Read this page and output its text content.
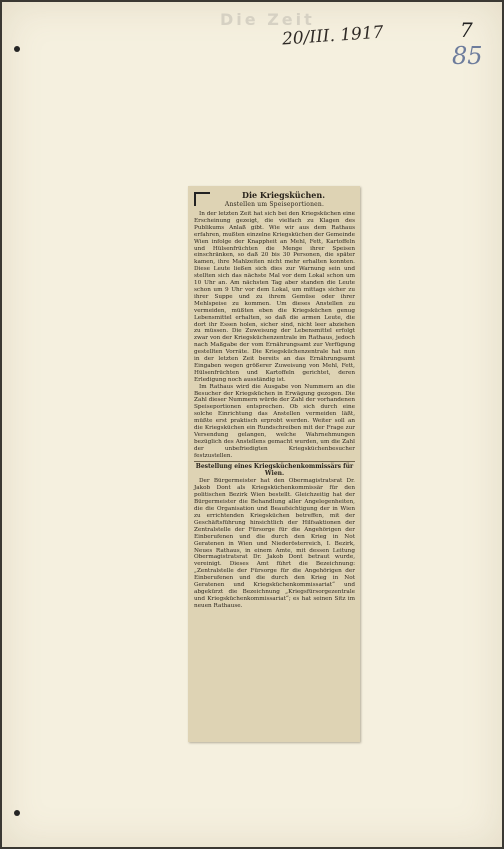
Die Zeit
20/III. 1917	7
85
Die Kriegsküchen.
Anstellen um Speiseportionen.

In der letzten Zeit hat sich bei den Kriegsküchen eine Erscheinung gezeigt, die vielfach zu Klagen des Publikums Anlaß gibt. Wie wir aus dem Rathaus erfahren, mußten einzelne Kriegsküchen der Gemeinde Wien infolge der Knappheit an Mehl, Fett, Kartoffeln und Hülsenfrüchten die Menge ihrer Speisen einschränken, so daß 20 bis 30 Personen, die später kamen, ihre Mahlzeiten nicht mehr erhalten konnten. Diese Leute ließen sich dies zur Warnung sein und stellten sich das nächste Mal vor dem Lokal schon um 10 Uhr an. Am nächsten Tag aber standen die Leute schon um 9 Uhr vor dem Lokal, um mittags sicher zu ihrer Suppe und zu ihrem Gemüse oder ihrer Mehlspeise zu kommen. Um dieses Anstellen zu vermeiden, müßten eben die Kriegsküchen genug Lebensmittel erhalten, so daß die armen Leute, die dort ihr Essen holen, sicher sind, nicht leer abziehen zu müssen. Die Zuweisung der Lebensmittel erfolgt zwar von der Kriegsküchenzentrale im Rathaus, jedoch nach Maßgabe der vom Ernährungsamt zur Verfügung gestellten Vorräte. Die Kriegsküchenzentrale hat nun in der letzten Zeit bereits an das Ernährungsamt Eingaben wegen größerer Zuweisung von Mehl, Fett, Hülsenfrüchten und Kartoffeln gerichtet, deren Erledigung noch ausständig ist.

Im Rathaus wird die Ausgabe von Nummern an die Besucher der Kriegsküchen in Erwägung gezogen. Die Zahl dieser Nummern würde der Zahl der vorhandenen Speiseportionen entsprechen. Ob sich durch eine solche Einrichtung das Anstellen vermeiden läßt, müßte erst praktisch erprobt werden. Weiter soll an die Kriegsküchen ein Rundschreiben mit der Frage zur Versendung gelangen, welche Wahrnehmungen bezüglich des Anstellens gemacht wurden, um die Zahl der unbefriedigten Kriegsküchenbesucher festzustellen.

Bestellung eines Kriegsküchenkommissärs für Wien.

Der Bürgermeister hat den Obermagistratsrat Dr. Jakob Dont als Kriegsküchenkommissär für den politischen Bezirk Wien bestellt. Gleichzeitig hat der Bürgermeister die Behandlung aller Angelegenheiten, die die Organisation und Beaufsichtigung der in Wien zu errichtenden Kriegsküchen betreffen, mit der Geschäftsführung hinsichtlich der Hilfsaktionen der Zentralstelle der Fürsorge für die Angehörigen der Einberufenen und die durch den Krieg in Not Geratenen in Wien und Niederösterreich, I. Bezirk, Neues Rathaus, in einem Amte, mit dessen Leitung Obermagistratsrat Dr. Jakob Dont betraut wurde, vereinigt. Dieses Amt führt die Bezeichnung: „Zentralstelle der Fürsorge für die Angehörigen der Einberufenen und die durch den Krieg in Not Geratenen und Kriegsküchenkommissariat“ und abgekürzt die Bezeichnung „Kriegsfürsorgezentrale und Kriegsküchenkommissariat“; es hat seinen Sitz im neuen Rathause.
